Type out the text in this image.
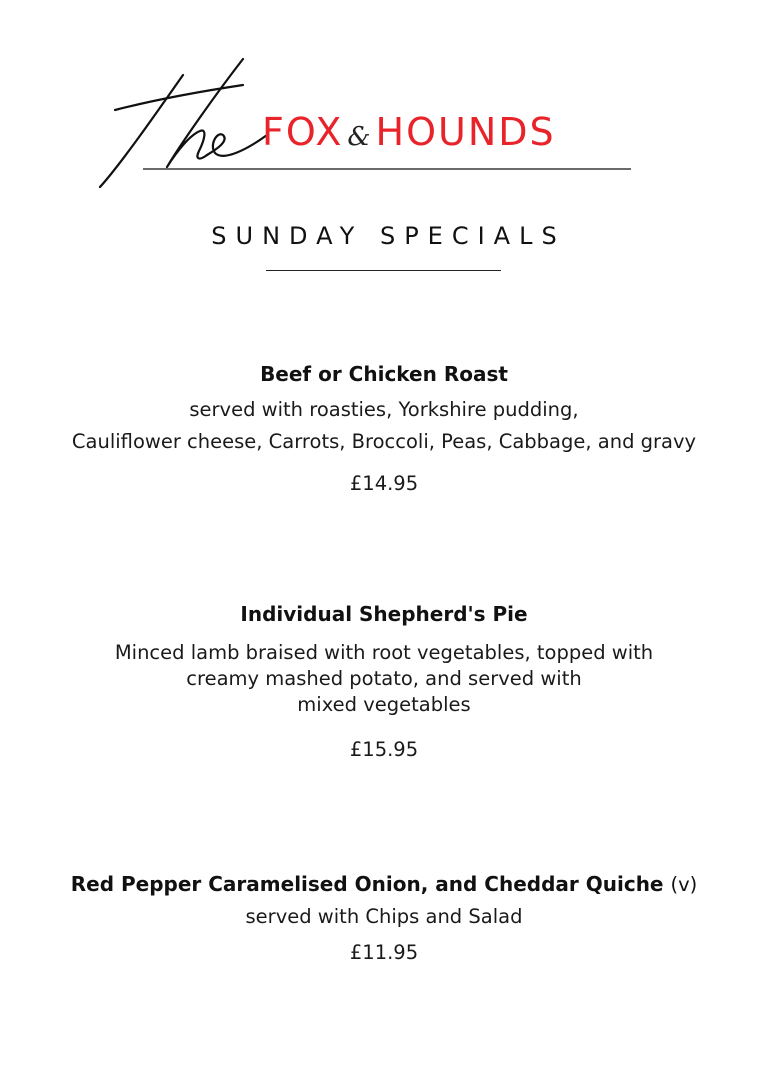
FOX & HOUNDS
SUNDAY SPECIALS
Beef or Chicken Roast
served with roasties, Yorkshire pudding,
Cauliflower cheese, Carrots, Broccoli, Peas, Cabbage, and gravy
£14.95
Individual Shepherd's Pie
Minced lamb braised with root vegetables, topped with
creamy mashed potato, and served with
mixed vegetables
£15.95
Red Pepper Caramelised Onion, and Cheddar Quiche (v)
served with Chips and Salad
£11.95
